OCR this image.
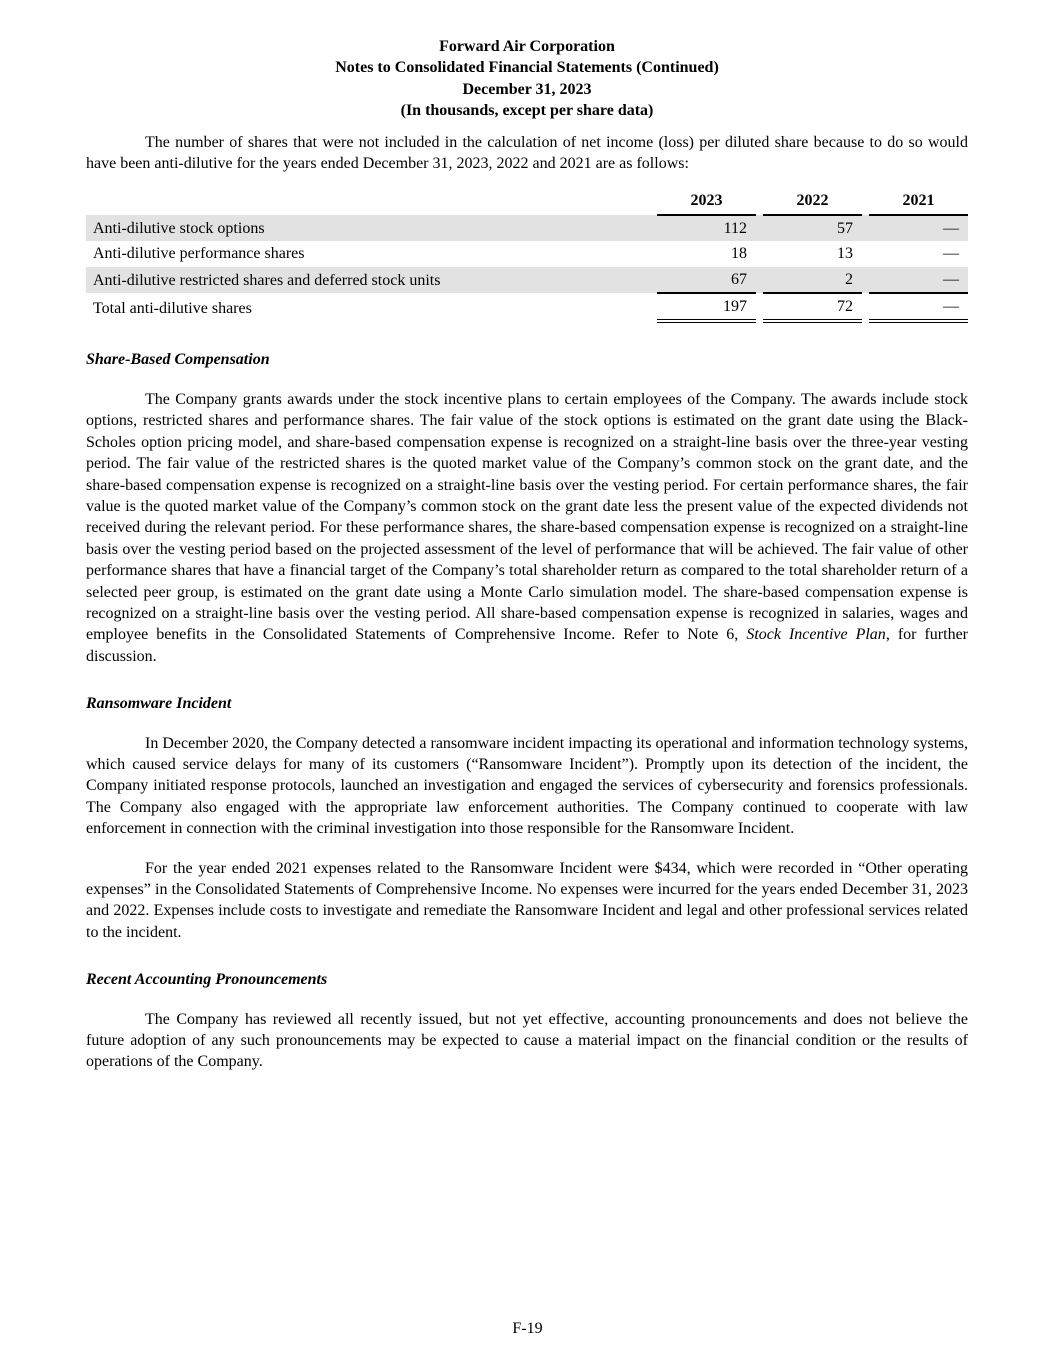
Forward Air Corporation
Notes to Consolidated Financial Statements (Continued)
December 31, 2023
(In thousands, except per share data)

The number of shares that were not included in the calculation of net income (loss) per diluted share because to do so would have been anti-dilutive for the years ended December 31, 2023, 2022 and 2021 are as follows:

	2023		2022		2021
Anti-dilutive stock options	112		57		—
Anti-dilutive performance shares	18		13		—
Anti-dilutive restricted shares and deferred stock units	67		2		—
Total anti-dilutive shares	197		72		—
Share-Based Compensation

The Company grants awards under the stock incentive plans to certain employees of the Company. The awards include stock options, restricted shares and performance shares. The fair value of the stock options is estimated on the grant date using the Black-Scholes option pricing model, and share-based compensation expense is recognized on a straight-line basis over the three-year vesting period. The fair value of the restricted shares is the quoted market value of the Company’s common stock on the grant date, and the share-based compensation expense is recognized on a straight-line basis over the vesting period. For certain performance shares, the fair value is the quoted market value of the Company’s common stock on the grant date less the present value of the expected dividends not received during the relevant period. For these performance shares, the share-based compensation expense is recognized on a straight-line basis over the vesting period based on the projected assessment of the level of performance that will be achieved. The fair value of other performance shares that have a financial target of the Company’s total shareholder return as compared to the total shareholder return of a selected peer group, is estimated on the grant date using a Monte Carlo simulation model. The share-based compensation expense is recognized on a straight-line basis over the vesting period. All share-based compensation expense is recognized in salaries, wages and employee benefits in the Consolidated Statements of Comprehensive Income. Refer to Note 6, Stock Incentive Plan, for further discussion.

Ransomware Incident

In December 2020, the Company detected a ransomware incident impacting its operational and information technology systems, which caused service delays for many of its customers (“Ransomware Incident”). Promptly upon its detection of the incident, the Company initiated response protocols, launched an investigation and engaged the services of cybersecurity and forensics professionals. The Company also engaged with the appropriate law enforcement authorities. The Company continued to cooperate with law enforcement in connection with the criminal investigation into those responsible for the Ransomware Incident.

For the year ended 2021 expenses related to the Ransomware Incident were $434, which were recorded in “Other operating expenses” in the Consolidated Statements of Comprehensive Income. No expenses were incurred for the years ended December 31, 2023 and 2022. Expenses include costs to investigate and remediate the Ransomware Incident and legal and other professional services related to the incident.

Recent Accounting Pronouncements

The Company has reviewed all recently issued, but not yet effective, accounting pronouncements and does not believe the future adoption of any such pronouncements may be expected to cause a material impact on the financial condition or the results of operations of the Company.

F-19
